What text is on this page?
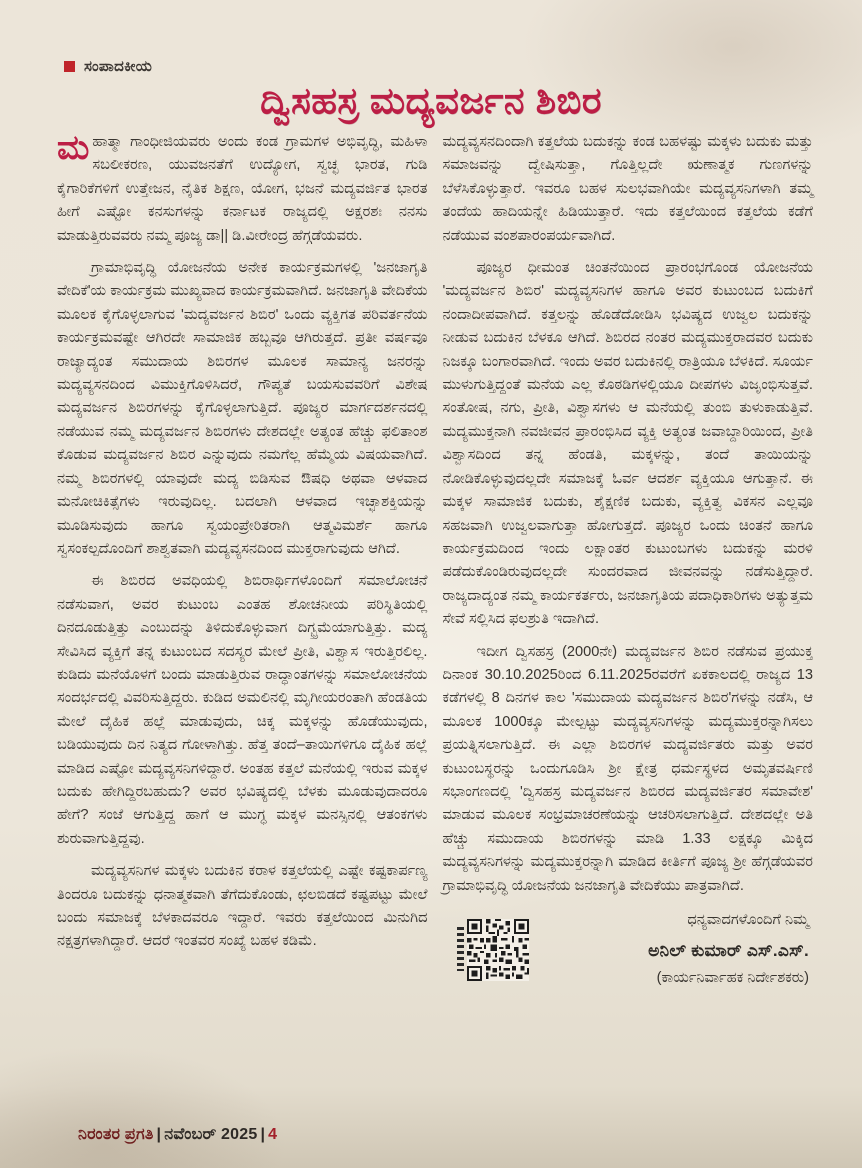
ಸಂಪಾದಕೀಯ
ದ್ವಿಸಹಸ್ರ ಮದ್ಯವರ್ಜನ ಶಿಬಿರ

ಮಹಾತ್ಮಾ ಗಾಂಧೀಜಿಯವರು ಅಂದು ಕಂಡ ಗ್ರಾಮಗಳ ಅಭಿವೃದ್ಧಿ, ಮಹಿಳಾ ಸಬಲೀಕರಣ, ಯುವಜನತೆಗೆ ಉದ್ಯೋಗ, ಸ್ವಚ್ಛ ಭಾರತ, ಗುಡಿ ಕೈಗಾರಿಕೆಗಳಿಗೆ ಉತ್ತೇಜನ, ನೈತಿಕ ಶಿಕ್ಷಣ, ಯೋಗ, ಭಜನೆ ಮದ್ಯವರ್ಜಿತ ಭಾರತ ಹೀಗೆ ಎಷ್ಟೋ ಕನಸುಗಳನ್ನು ಕರ್ನಾಟಕ ರಾಜ್ಯದಲ್ಲಿ ಅಕ್ಷರಶಃ ನನಸು ಮಾಡುತ್ತಿರುವವರು ನಮ್ಮ ಪೂಜ್ಯ ಡಾ|| ಡಿ.ವೀರೇಂದ್ರ ಹೆಗ್ಗಡೆಯವರು.

ಗ್ರಾಮಾಭಿವೃದ್ಧಿ ಯೋಜನೆಯ ಅನೇಕ ಕಾರ್ಯಕ್ರಮಗಳಲ್ಲಿ 'ಜನಜಾಗೃತಿ ವೇದಿಕೆ'ಯ ಕಾರ್ಯಕ್ರಮ ಮುಖ್ಯವಾದ ಕಾರ್ಯಕ್ರಮವಾಗಿದೆ. ಜನಜಾಗೃತಿ ವೇದಿಕೆಯ ಮೂಲಕ ಕೈಗೊಳ್ಳಲಾಗುವ 'ಮದ್ಯವರ್ಜನ ಶಿಬಿರ' ಒಂದು ವ್ಯಕ್ತಿಗತ ಪರಿವರ್ತನೆಯ ಕಾರ್ಯಕ್ರಮವಷ್ಟೇ ಆಗಿರದೇ ಸಾಮಾಜಿಕ ಹಬ್ಬವೂ ಆಗಿರುತ್ತದೆ. ಪ್ರತೀ ವರ್ಷವೂ ರಾಜ್ಯಾದ್ಯಂತ ಸಮುದಾಯ ಶಿಬಿರಗಳ ಮೂಲಕ ಸಾಮಾನ್ಯ ಜನರನ್ನು ಮದ್ಯವ್ಯಸನದಿಂದ ವಿಮುಕ್ತಿಗೊಳಿಸಿದರೆ, ಗೌಪ್ಯತೆ ಬಯಸುವವರಿಗೆ ವಿಶೇಷ ಮದ್ಯವರ್ಜನ ಶಿಬಿರಗಳನ್ನು ಕೈಗೊಳ್ಳಲಾಗುತ್ತಿದೆ. ಪೂಜ್ಯರ ಮಾರ್ಗದರ್ಶನದಲ್ಲಿ ನಡೆಯುವ ನಮ್ಮ ಮದ್ಯವರ್ಜನ ಶಿಬಿರಗಳು ದೇಶದಲ್ಲೇ ಅತ್ಯಂತ ಹೆಚ್ಚು ಫಲಿತಾಂಶ ಕೊಡುವ ಮದ್ಯವರ್ಜನ ಶಿಬಿರ ಎನ್ನುವುದು ನಮಗೆಲ್ಲ ಹೆಮ್ಮೆಯ ವಿಷಯವಾಗಿದೆ. ನಮ್ಮ ಶಿಬಿರಗಳಲ್ಲಿ ಯಾವುದೇ ಮದ್ಯ ಬಿಡಿಸುವ ಔಷಧಿ ಅಥವಾ ಆಳವಾದ ಮನೋಚಿಕಿತ್ಸೆಗಳು ಇರುವುದಿಲ್ಲ. ಬದಲಾಗಿ ಆಳವಾದ ಇಚ್ಛಾಶಕ್ತಿಯನ್ನು ಮೂಡಿಸುವುದು ಹಾಗೂ ಸ್ವಯಂಪ್ರೇರಿತರಾಗಿ ಆತ್ಮವಿಮರ್ಶೆ ಹಾಗೂ ಸ್ವಸಂಕಲ್ಪದೊಂದಿಗೆ ಶಾಶ್ವತವಾಗಿ ಮದ್ಯವ್ಯಸನದಿಂದ ಮುಕ್ತರಾಗುವುದು ಆಗಿದೆ.

ಈ ಶಿಬಿರದ ಅವಧಿಯಲ್ಲಿ ಶಿಬಿರಾರ್ಥಿಗಳೊಂದಿಗೆ ಸಮಾಲೋಚನೆ ನಡೆಸುವಾಗ, ಅವರ ಕುಟುಂಬ ಎಂತಹ ಶೋಚನೀಯ ಪರಿಸ್ಥಿತಿಯಲ್ಲಿ ದಿನದೂಡುತ್ತಿತ್ತು ಎಂಬುದನ್ನು ತಿಳಿದುಕೊಳ್ಳುವಾಗ ದಿಗ್ಭ್ರಮೆಯಾಗುತ್ತಿತ್ತು. ಮದ್ಯ ಸೇವಿಸಿದ ವ್ಯಕ್ತಿಗೆ ತನ್ನ ಕುಟುಂಬದ ಸದಸ್ಯರ ಮೇಲೆ ಪ್ರೀತಿ, ವಿಶ್ವಾಸ ಇರುತ್ತಿರಲಿಲ್ಲ. ಕುಡಿದು ಮನೆಯೊಳಗೆ ಬಂದು ಮಾಡುತ್ತಿರುವ ರಾದ್ಧಾಂತಗಳನ್ನು ಸಮಾಲೋಚನೆಯ ಸಂದರ್ಭದಲ್ಲಿ ವಿವರಿಸುತ್ತಿದ್ದರು. ಕುಡಿದ ಅಮಲಿನಲ್ಲಿ ಮೃಗೀಯರಂತಾಗಿ ಹೆಂಡತಿಯ ಮೇಲೆ ದೈಹಿಕ ಹಲ್ಲೆ ಮಾಡುವುದು, ಚಿಕ್ಕ ಮಕ್ಕಳನ್ನು ಹೊಡೆಯುವುದು, ಬಡಿಯುವುದು ದಿನ ನಿತ್ಯದ ಗೋಳಾಗಿತ್ತು. ಹೆತ್ತ ತಂದೆ–ತಾಯಿಗಳಿಗೂ ದೈಹಿಕ ಹಲ್ಲೆ ಮಾಡಿದ ಎಷ್ಟೋ ಮದ್ಯವ್ಯಸನಿಗಳಿದ್ದಾರೆ. ಅಂತಹ ಕತ್ತಲೆ ಮನೆಯಲ್ಲಿ ಇರುವ ಮಕ್ಕಳ ಬದುಕು ಹೇಗಿದ್ದಿರಬಹುದು? ಅವರ ಭವಿಷ್ಯದಲ್ಲಿ ಬೆಳಕು ಮೂಡುವುದಾದರೂ ಹೇಗೆ? ಸಂಜೆ ಆಗುತ್ತಿದ್ದ ಹಾಗೆ ಆ ಮುಗ್ಧ ಮಕ್ಕಳ ಮನಸ್ಸಿನಲ್ಲಿ ಆತಂಕಗಳು ಶುರುವಾಗುತ್ತಿದ್ದವು.

ಮದ್ಯವ್ಯಸನಿಗಳ ಮಕ್ಕಳು ಬದುಕಿನ ಕರಾಳ ಕತ್ತಲೆಯಲ್ಲಿ ಎಷ್ಟೇ ಕಷ್ಟಕಾರ್ಪಣ್ಯ ತಿಂದರೂ ಬದುಕನ್ನು ಧನಾತ್ಮಕವಾಗಿ ತೆಗೆದುಕೊಂಡು, ಛಲಬಿಡದೆ ಕಷ್ಟಪಟ್ಟು ಮೇಲೆ ಬಂದು ಸಮಾಜಕ್ಕೆ ಬೆಳಕಾದವರೂ ಇದ್ದಾರೆ. ಇವರು ಕತ್ತಲೆಯಿಂದ ಮಿನುಗಿದ ನಕ್ಷತ್ರಗಳಾಗಿದ್ದಾರೆ. ಆದರೆ ಇಂತವರ ಸಂಖ್ಯೆ ಬಹಳ ಕಡಿಮೆ.

ಮದ್ಯವ್ಯಸನದಿಂದಾಗಿ ಕತ್ತಲೆಯ ಬದುಕನ್ನು ಕಂಡ ಬಹಳಷ್ಟು ಮಕ್ಕಳು ಬದುಕು ಮತ್ತು ಸಮಾಜವನ್ನು ದ್ವೇಷಿಸುತ್ತಾ, ಗೊತ್ತಿಲ್ಲದೇ ಋಣಾತ್ಮಕ ಗುಣಗಳನ್ನು ಬೆಳೆಸಿಕೊಳ್ಳುತ್ತಾರೆ. ಇವರೂ ಬಹಳ ಸುಲಭವಾಗಿಯೇ ಮದ್ಯವ್ಯಸನಿಗಳಾಗಿ ತಮ್ಮ ತಂದೆಯ ಹಾದಿಯನ್ನೇ ಹಿಡಿಯುತ್ತಾರೆ. ಇದು ಕತ್ತಲೆಯಿಂದ ಕತ್ತಲೆಯ ಕಡೆಗೆ ನಡೆಯುವ ವಂಶಪಾರಂಪರ್ಯವಾಗಿದೆ.

ಪೂಜ್ಯರ ಧೀಮಂತ ಚಿಂತನೆಯಿಂದ ಪ್ರಾರಂಭಗೊಂಡ ಯೋಜನೆಯ 'ಮದ್ಯವರ್ಜನ ಶಿಬಿರ' ಮದ್ಯವ್ಯಸನಿಗಳ ಹಾಗೂ ಅವರ ಕುಟುಂಬದ ಬದುಕಿಗೆ ನಂದಾದೀಪವಾಗಿದೆ. ಕತ್ತಲನ್ನು ಹೊಡೆದೋಡಿಸಿ ಭವಿಷ್ಯದ ಉಜ್ವಲ ಬದುಕನ್ನು ನೀಡುವ ಬದುಕಿನ ಬೆಳಕೂ ಆಗಿದೆ. ಶಿಬಿರದ ನಂತರ ಮದ್ಯಮುಕ್ತರಾದವರ ಬದುಕು ನಿಜಕ್ಕೂ ಬಂಗಾರವಾಗಿದೆ. ಇಂದು ಅವರ ಬದುಕಿನಲ್ಲಿ ರಾತ್ರಿಯೂ ಬೆಳಕಿದೆ. ಸೂರ್ಯ ಮುಳುಗುತ್ತಿದ್ದಂತೆ ಮನೆಯ ಎಲ್ಲ ಕೊಠಡಿಗಳಲ್ಲಿಯೂ ದೀಪಗಳು ವಿಜೃಂಭಿಸುತ್ತವೆ. ಸಂತೋಷ, ನಗು, ಪ್ರೀತಿ, ವಿಶ್ವಾಸಗಳು ಆ ಮನೆಯಲ್ಲಿ ತುಂಬಿ ತುಳುಕಾಡುತ್ತಿವೆ. ಮದ್ಯಮುಕ್ತನಾಗಿ ನವಜೀವನ ಪ್ರಾರಂಭಿಸಿದ ವ್ಯಕ್ತಿ ಅತ್ಯಂತ ಜವಾಬ್ದಾರಿಯಿಂದ, ಪ್ರೀತಿ ವಿಶ್ವಾಸದಿಂದ ತನ್ನ ಹೆಂಡತಿ, ಮಕ್ಕಳನ್ನು, ತಂದೆ ತಾಯಿಯನ್ನು ನೋಡಿಕೊಳ್ಳುವುದಲ್ಲದೇ ಸಮಾಜಕ್ಕೆ ಓರ್ವ ಆದರ್ಶ ವ್ಯಕ್ತಿಯೂ ಆಗುತ್ತಾನೆ. ಈ ಮಕ್ಕಳ ಸಾಮಾಜಿಕ ಬದುಕು, ಶೈಕ್ಷಣಿಕ ಬದುಕು, ವ್ಯಕ್ತಿತ್ವ ವಿಕಸನ ಎಲ್ಲವೂ ಸಹಜವಾಗಿ ಉಜ್ವಲವಾಗುತ್ತಾ ಹೋಗುತ್ತದೆ. ಪೂಜ್ಯರ ಒಂದು ಚಿಂತನೆ ಹಾಗೂ ಕಾರ್ಯಕ್ರಮದಿಂದ ಇಂದು ಲಕ್ಷಾಂತರ ಕುಟುಂಬಗಳು ಬದುಕನ್ನು ಮರಳಿ ಪಡೆದುಕೊಂಡಿರುವುದಲ್ಲದೇ ಸುಂದರವಾದ ಜೀವನವನ್ನು ನಡೆಸುತ್ತಿದ್ದಾರೆ. ರಾಜ್ಯದಾದ್ಯಂತ ನಮ್ಮ ಕಾರ್ಯಕರ್ತರು, ಜನಜಾಗೃತಿಯ ಪದಾಧಿಕಾರಿಗಳು ಅತ್ಯುತ್ತಮ ಸೇವೆ ಸಲ್ಲಿಸಿದ ಫಲಶ್ರುತಿ ಇದಾಗಿದೆ.

ಇದೀಗ ದ್ವಿಸಹಸ್ರ (2000ನೇ) ಮದ್ಯವರ್ಜನ ಶಿಬಿರ ನಡೆಸುವ ಪ್ರಯುಕ್ತ ದಿನಾಂಕ 30.10.2025ರಿಂದ 6.11.2025ರವರೆಗೆ ಏಕಕಾಲದಲ್ಲಿ ರಾಜ್ಯದ 13 ಕಡೆಗಳಲ್ಲಿ 8 ದಿನಗಳ ಕಾಲ 'ಸಮುದಾಯ ಮದ್ಯವರ್ಜನ ಶಿಬಿರ'ಗಳನ್ನು ನಡೆಸಿ, ಆ ಮೂಲಕ 1000ಕ್ಕೂ ಮೇಲ್ಪಟ್ಟು ಮದ್ಯವ್ಯಸನಿಗಳನ್ನು ಮದ್ಯಮುಕ್ತರನ್ನಾಗಿಸಲು ಪ್ರಯತ್ನಿಸಲಾಗುತ್ತಿದೆ. ಈ ಎಲ್ಲಾ ಶಿಬಿರಗಳ ಮದ್ಯವರ್ಜಿತರು ಮತ್ತು ಅವರ ಕುಟುಂಬಸ್ಥರನ್ನು ಒಂದುಗೂಡಿಸಿ ಶ್ರೀ ಕ್ಷೇತ್ರ ಧರ್ಮಸ್ಥಳದ ಅಮೃತವರ್ಷಿಣಿ ಸಭಾಂಗಣದಲ್ಲಿ 'ದ್ವಿಸಹಸ್ರ ಮದ್ಯವರ್ಜನ ಶಿಬಿರದ ಮದ್ಯವರ್ಜಿತರ ಸಮಾವೇಶ' ಮಾಡುವ ಮೂಲಕ ಸಂಭ್ರಮಾಚರಣೆಯನ್ನು ಆಚರಿಸಲಾಗುತ್ತಿದೆ. ದೇಶದಲ್ಲೇ ಅತಿ ಹೆಚ್ಚು ಸಮುದಾಯ ಶಿಬಿರಗಳನ್ನು ಮಾಡಿ 1.33 ಲಕ್ಷಕ್ಕೂ ಮಿಕ್ಕಿದ ಮದ್ಯವ್ಯಸನಿಗಳನ್ನು ಮದ್ಯಮುಕ್ತರನ್ನಾಗಿ ಮಾಡಿದ ಕೀರ್ತಿಗೆ ಪೂಜ್ಯ ಶ್ರೀ ಹೆಗ್ಗಡೆಯವರ ಗ್ರಾಮಾಭಿವೃದ್ಧಿ ಯೋಜನೆಯ ಜನಜಾಗೃತಿ ವೇದಿಕೆಯು ಪಾತ್ರವಾಗಿದೆ.

ಧನ್ಯವಾದಗಳೊಂದಿಗೆ ನಿಮ್ಮ
ಅನಿಲ್ ಕುಮಾರ್ ಎಸ್.ಎಸ್.
(ಕಾರ್ಯನಿರ್ವಾಹಕ ನಿರ್ದೇಶಕರು)
ನಿರಂತರ ಪ್ರಗತಿ | ನವೆಂಬರ್ 2025 | 4
